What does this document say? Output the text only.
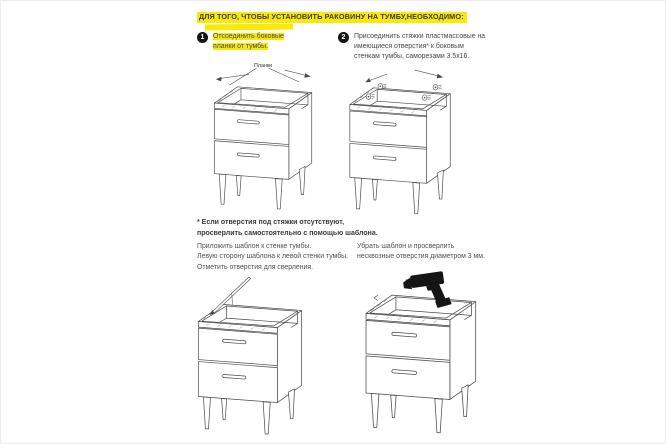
ДЛЯ ТОГО, ЧТОБЫ УСТАНОВИТЬ РАКОВИНУ НА ТУМБУ,НЕОБХОДИМО:
1	Отсоединить боковые планки от тумбы.
2	Присоединить стяжки пластмассовые на имеющиеся отверстия* к боковым стенкам тумбы, саморезами 3.5х16.
Планки
* Если отверстия под стяжки отсутствуют,
просверлить самостоятельно с помощью шаблона.
Приложить шаблон к стенке тумбы.
Левую сторону шаблона к левой стенки тумбы.
Отметить отверстия для сверления.
Убрать шаблон и просверлить
несквозные отверстия диаметром 3 мм.
